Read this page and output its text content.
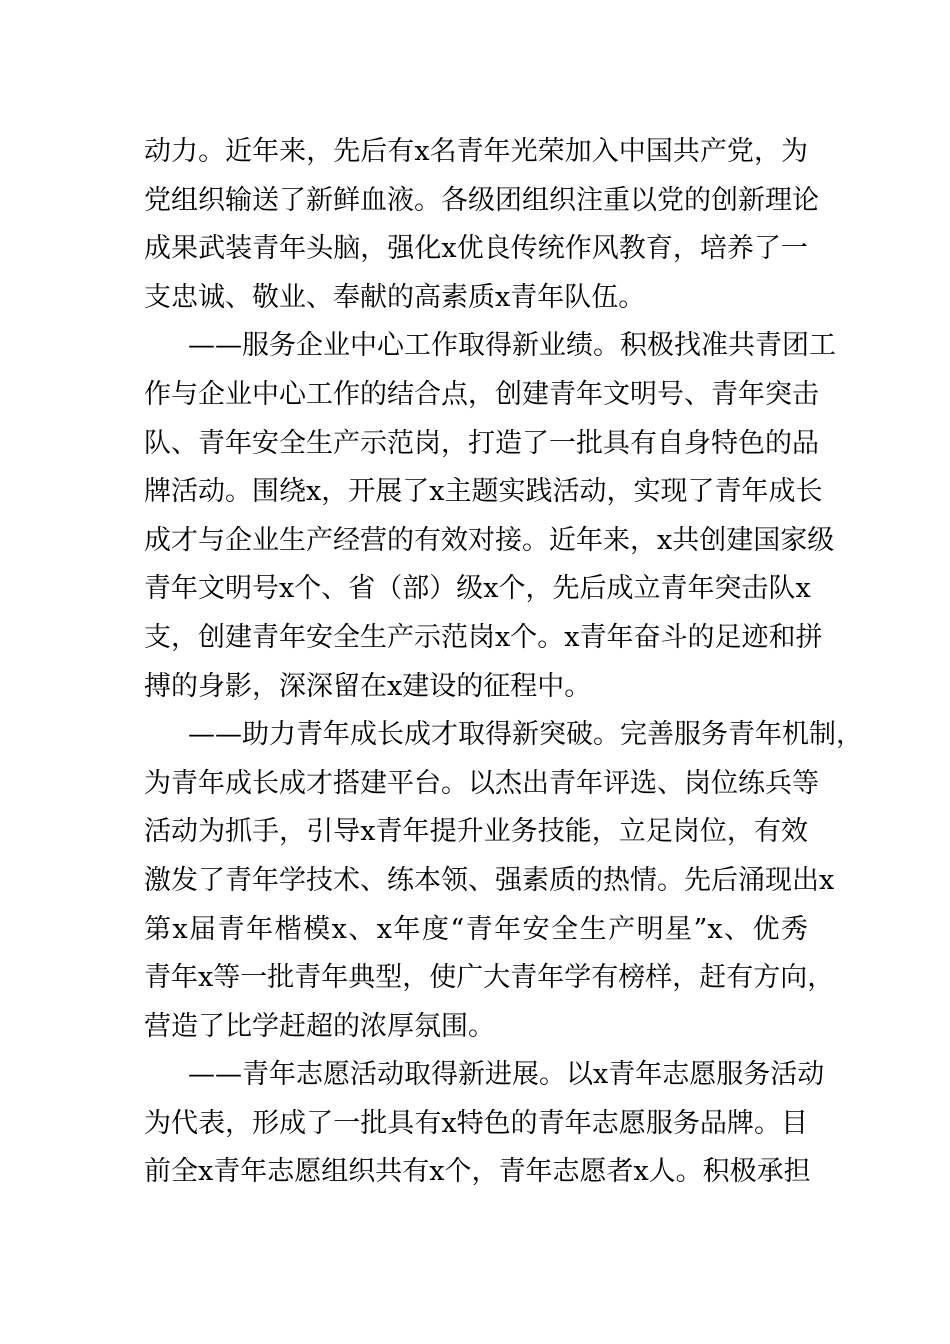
动力。近年来，先后有x名青年光荣加入中国共产党，为
党组织输送了新鲜血液。各级团组织注重以党的创新理论
成果武装青年头脑，强化x优良传统作风教育，培养了一
支忠诚、敬业、奉献的高素质x青年队伍。
——服务企业中心工作取得新业绩。积极找准共青团工
作与企业中心工作的结合点，创建青年文明号、青年突击
队、青年安全生产示范岗，打造了一批具有自身特色的品
牌活动。围绕x，开展了x主题实践活动，实现了青年成长
成才与企业生产经营的有效对接。近年来，x共创建国家级
青年文明号x个、省（部）级x个，先后成立青年突击队x
支，创建青年安全生产示范岗x个。x青年奋斗的足迹和拼
搏的身影，深深留在x建设的征程中。
——助力青年成长成才取得新突破。完善服务青年机制，
为青年成长成才搭建平台。以杰出青年评选、岗位练兵等
活动为抓手，引导x青年提升业务技能，立足岗位，有效
激发了青年学技术、练本领、强素质的热情。先后涌现出x
第x届青年楷模x、x年度“青年安全生产明星”x、优秀
青年x等一批青年典型，使广大青年学有榜样，赶有方向，
营造了比学赶超的浓厚氛围。
——青年志愿活动取得新进展。以x青年志愿服务活动
为代表，形成了一批具有x特色的青年志愿服务品牌。目
前全x青年志愿组织共有x个，青年志愿者x人。积极承担
